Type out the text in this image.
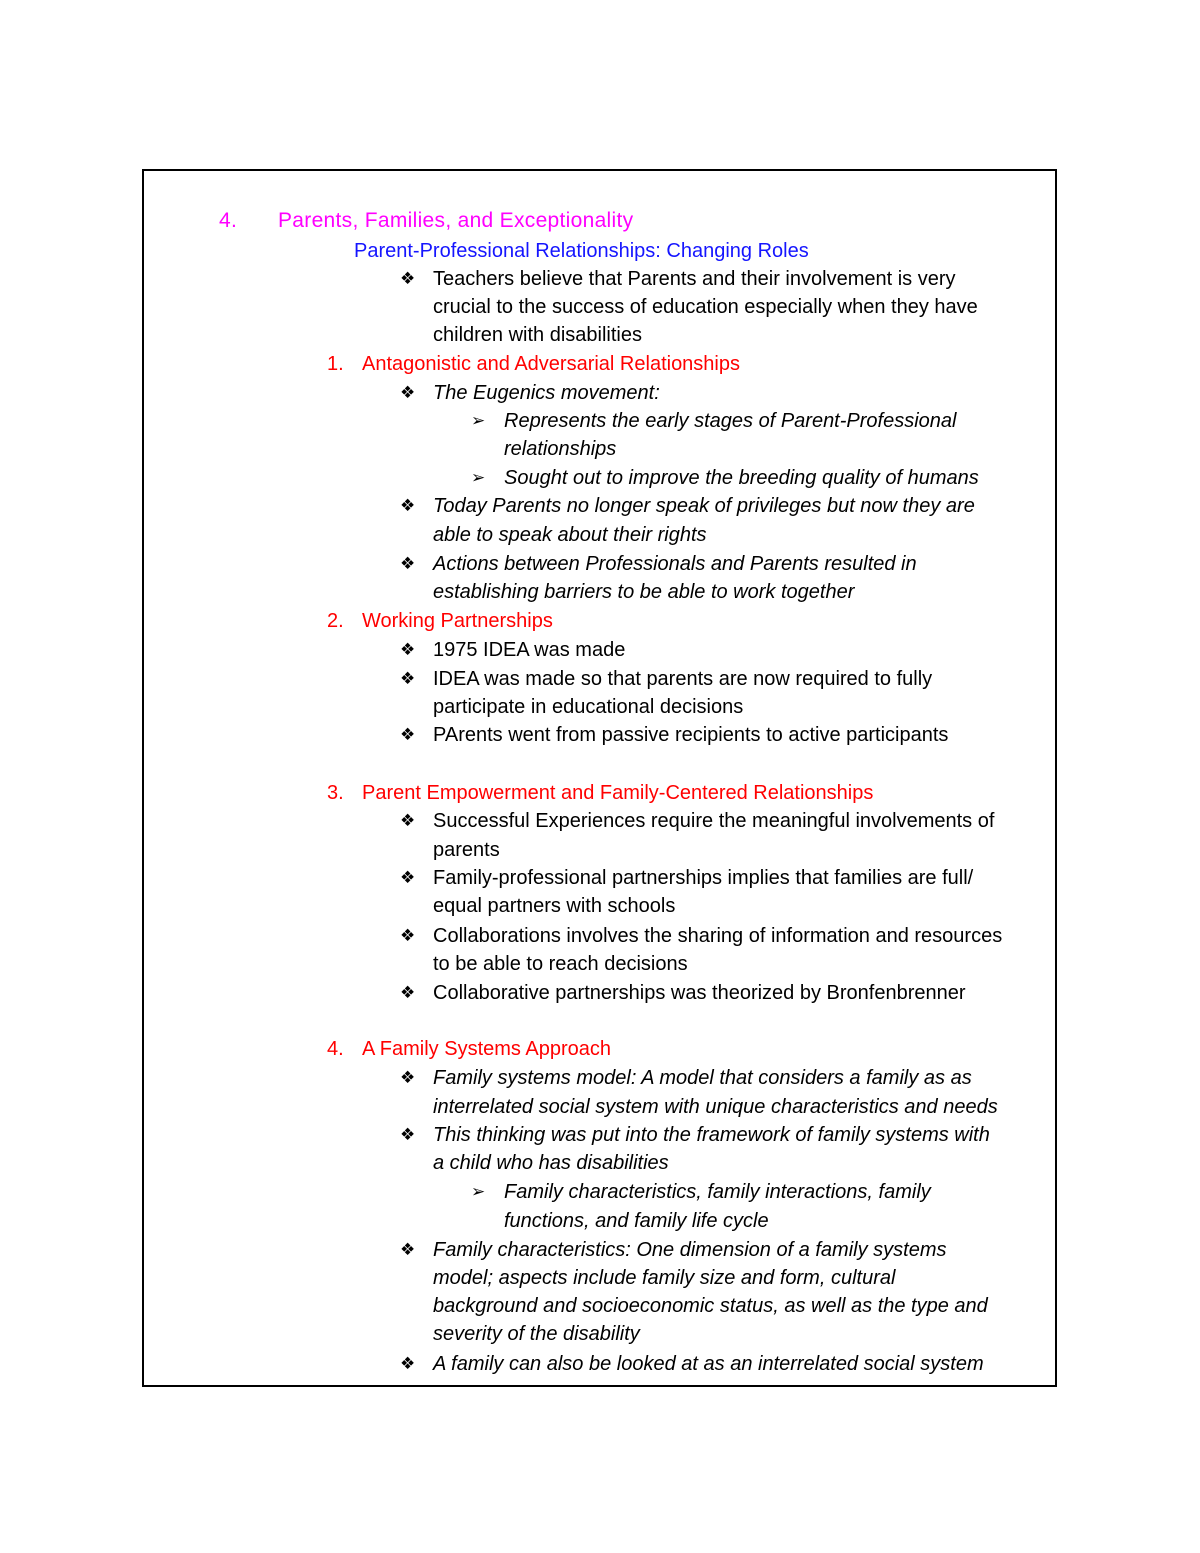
4. Parents, Families, and Exceptionality
Parent-Professional Relationships: Changing Roles
❖ Teachers believe that Parents and their involvement is very
crucial to the success of education especially when they have
children with disabilities
1. Antagonistic and Adversarial Relationships
❖ The Eugenics movement:
➢ Represents the early stages of Parent-Professional
relationships
➢ Sought out to improve the breeding quality of humans
❖ Today Parents no longer speak of privileges but now they are
able to speak about their rights
❖ Actions between Professionals and Parents resulted in
establishing barriers to be able to work together
2. Working Partnerships
❖ 1975 IDEA was made
❖ IDEA was made so that parents are now required to fully
participate in educational decisions
❖ PArents went from passive recipients to active participants
3. Parent Empowerment and Family-Centered Relationships
❖ Successful Experiences require the meaningful involvements of
parents
❖ Family-professional partnerships implies that families are full/
equal partners with schools
❖ Collaborations involves the sharing of information and resources
to be able to reach decisions
❖ Collaborative partnerships was theorized by Bronfenbrenner
4. A Family Systems Approach
❖ Family systems model: A model that considers a family as as
interrelated social system with unique characteristics and needs
❖ This thinking was put into the framework of family systems with
a child who has disabilities
➢ Family characteristics, family interactions, family
functions, and family life cycle
❖ Family characteristics: One dimension of a family systems
model; aspects include family size and form, cultural
background and socioeconomic status, as well as the type and
severity of the disability
❖ A family can also be looked at as an interrelated social system
